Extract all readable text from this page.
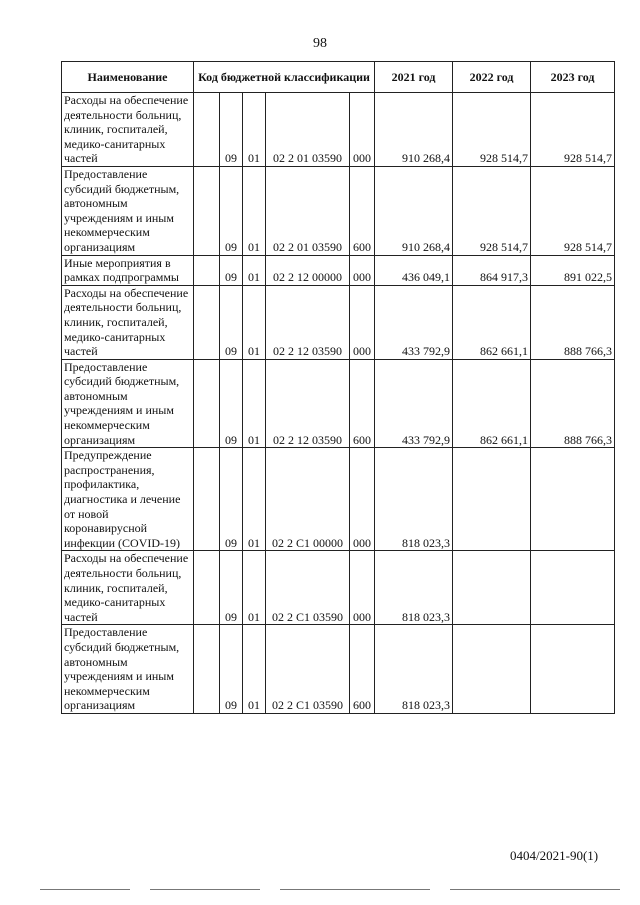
98
Наименование	Код бюджетной классификации					2021 год	2022 год	2023 год
Расходы на обеспечение деятельности больниц, клиник, госпиталей, медико-санитарных частей		09	01	02 2 01 03590	000	910 268,4	928 514,7	928 514,7
Предоставление субсидий бюджетным, автономным учреждениям и иным некоммерческим организациям		09	01	02 2 01 03590	600	910 268,4	928 514,7	928 514,7
Иные мероприятия в рамках подпрограммы		09	01	02 2 12 00000	000	436 049,1	864 917,3	891 022,5
Расходы на обеспечение деятельности больниц, клиник, госпиталей, медико-санитарных частей		09	01	02 2 12 03590	000	433 792,9	862 661,1	888 766,3
Предоставление субсидий бюджетным, автономным учреждениям и иным некоммерческим организациям		09	01	02 2 12 03590	600	433 792,9	862 661,1	888 766,3
Предупреждение распространения, профилактика, диагностика и лечение от новой коронавирусной инфекции (COVID-19)		09	01	02 2 С1 00000	000	818 023,3		
Расходы на обеспечение деятельности больниц, клиник, госпиталей, медико-санитарных частей		09	01	02 2 С1 03590	000	818 023,3		
Предоставление субсидий бюджетным, автономным учреждениям и иным некоммерческим организациям		09	01	02 2 С1 03590	600	818 023,3		
0404/2021-90(1)
